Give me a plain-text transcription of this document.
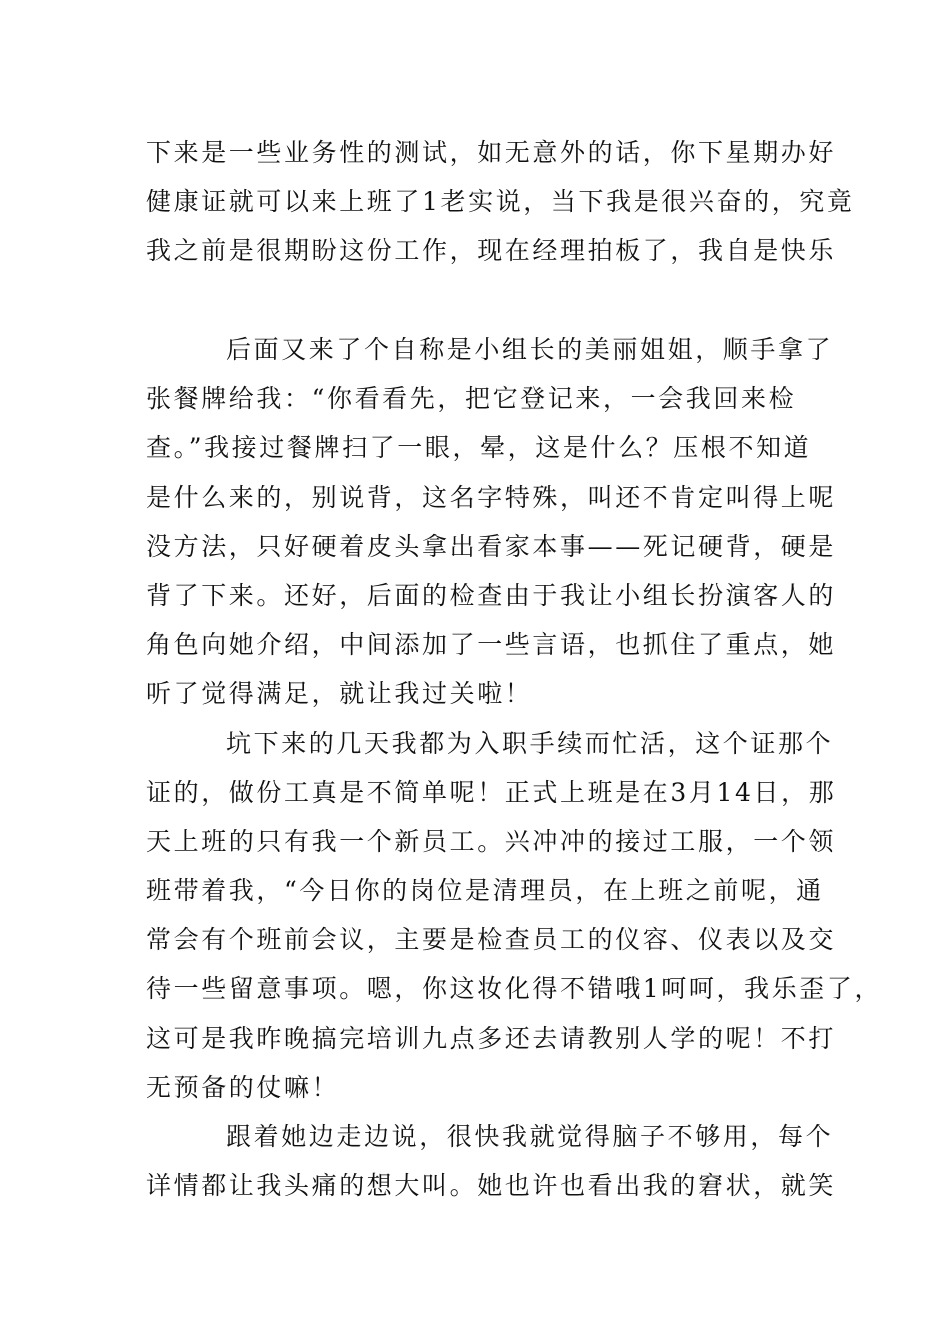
下来是一些业务性的测试，如无意外的话，你下星期办好
健康证就可以来上班了1老实说，当下我是很兴奋的，究竟
我之前是很期盼这份工作，现在经理拍板了，我自是快乐
后面又来了个自称是小组长的美丽姐姐，顺手拿了
张餐牌给我：“你看看先，把它登记来，一会我回来检
查。”我接过餐牌扫了一眼，晕，这是什么？压根不知道
是什么来的，别说背，这名字特殊，叫还不肯定叫得上呢
没方法，只好硬着皮头拿出看家本事——死记硬背，硬是
背了下来。还好，后面的检查由于我让小组长扮演客人的
角色向她介绍，中间添加了一些言语，也抓住了重点，她
听了觉得满足，就让我过关啦！
坑下来的几天我都为入职手续而忙活，这个证那个
证的，做份工真是不简单呢！正式上班是在3月14日，那
天上班的只有我一个新员工。兴冲冲的接过工服，一个领
班带着我，“今日你的岗位是清理员，在上班之前呢，通
常会有个班前会议，主要是检查员工的仪容、仪表以及交
待一些留意事项。嗯，你这妆化得不错哦1呵呵，我乐歪了，
这可是我昨晚搞完培训九点多还去请教别人学的呢！不打
无预备的仗嘛！
跟着她边走边说，很快我就觉得脑子不够用，每个
详情都让我头痛的想大叫。她也许也看出我的窘状，就笑
